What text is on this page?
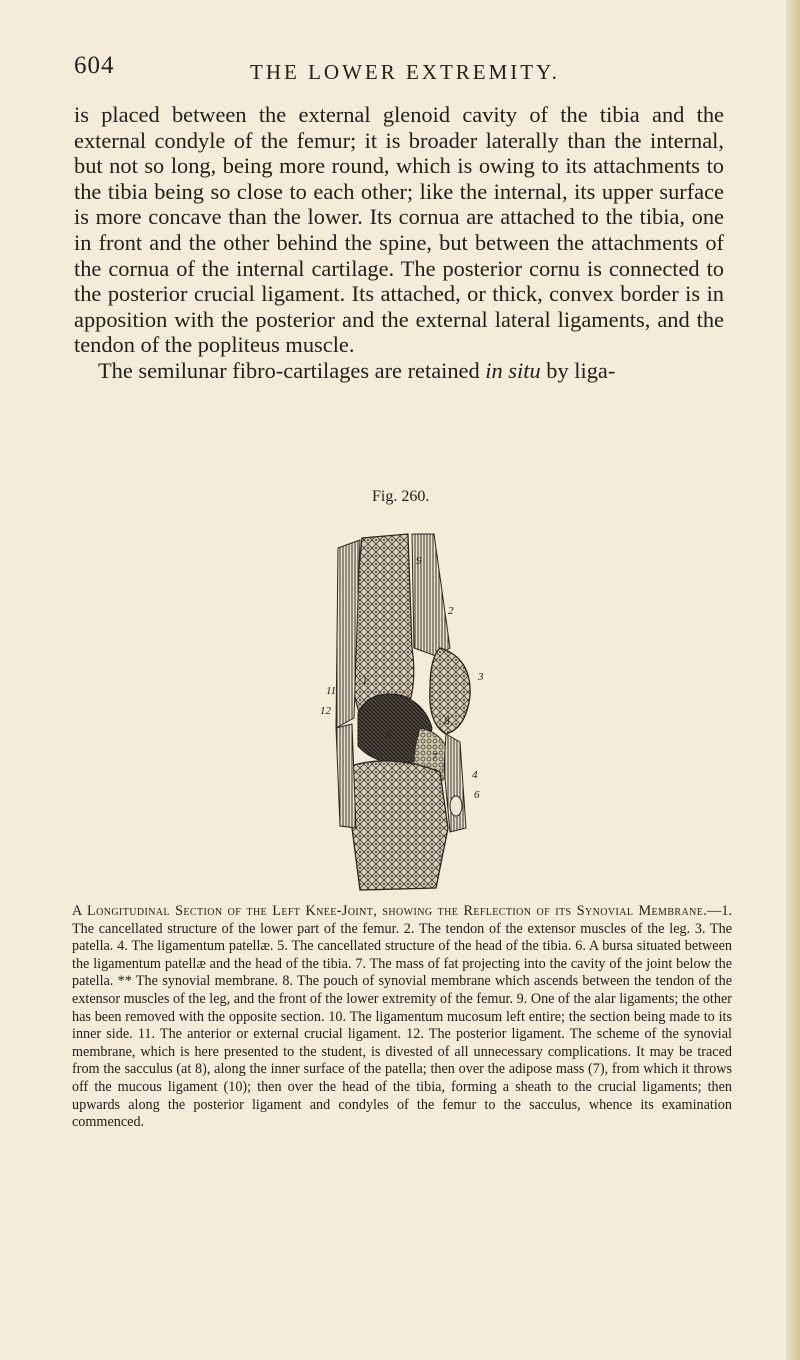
604	THE LOWER EXTREMITY.

is placed between the external glenoid cavity of the tibia and the external condyle of the femur; it is broader laterally than the internal, but not so long, being more round, which is owing to its attachments to the tibia being so close to each other; like the internal, its upper surface is more concave than the lower. Its cornua are attached to the tibia, one in front and the other behind the spine, but between the attachments of the cornua of the internal cartilage. The posterior cornu is connected to the posterior crucial ligament. Its attached, or thick, convex border is in apposition with the posterior and the external lateral ligaments, and the tendon of the popliteus muscle.

The semilunar fibro-cartilages are retained in situ by liga-

Fig. 260.
9
2
3
11
1
12
5
7
8
4
6
A Longitudinal Section of the Left Knee-Joint, showing the Reflection of its Synovial Membrane.—1. The cancellated structure of the lower part of the femur. 2. The tendon of the extensor muscles of the leg. 3. The patella. 4. The ligamentum patellæ. 5. The cancellated structure of the head of the tibia. 6. A bursa situated between the ligamentum patellæ and the head of the tibia. 7. The mass of fat projecting into the cavity of the joint below the patella. ** The synovial membrane. 8. The pouch of synovial membrane which ascends between the tendon of the extensor muscles of the leg, and the front of the lower extremity of the femur. 9. One of the alar ligaments; the other has been removed with the opposite section. 10. The ligamentum mucosum left entire; the section being made to its inner side. 11. The anterior or external crucial ligament. 12. The posterior ligament. The scheme of the synovial membrane, which is here presented to the student, is divested of all unnecessary complications. It may be traced from the sacculus (at 8), along the inner surface of the patella; then over the adipose mass (7), from which it throws off the mucous ligament (10); then over the head of the tibia, forming a sheath to the crucial ligaments; then upwards along the posterior ligament and condyles of the femur to the sacculus, whence its examination commenced.
